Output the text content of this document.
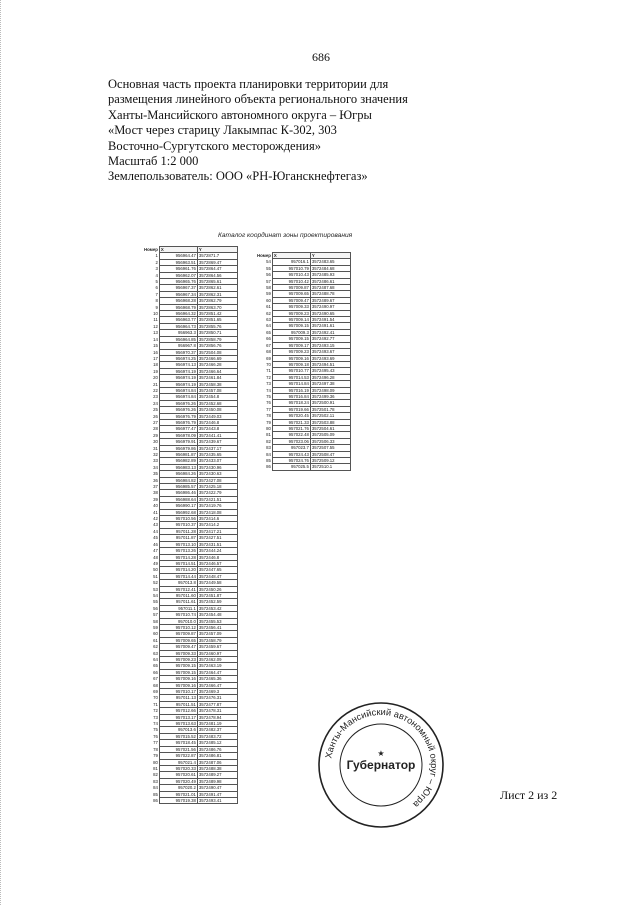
686
Основная часть проекта планировки территории для
размещения линейного объекта регионального значения
Ханты-Мансийского автономного округа – Югры
«Мост через старицу Лакымпас К-302, 303
Восточно-Сургутского месторождения»
Масштаб 1:2 000
Землепользователь: ООО «РН-Юганскнефтегаз»
Каталог координат зоны проектирования
Номер	X	Y
1	956964.47	3572871.7
2	956963.51	3572869.47
3	956961.76	3572864.47
4	956962.07	3572864.56
5	956965.76	3572865.61
6	956967.37	3572862.61
7	956967.34	3572862.31
8	956968.28	3572862.79
9	956968.79	3572863.70
10	956964.32	3572851.42
11	956963.77	3572851.65
12	956964.73	3572855.76
13	956963.3	3572850.71
14	956964.85	3572858.79
15	956967.8	3572856.76
16	956970.37	3572504.08
17	956974.25	3572466.69
18	956974.13	3572466.28
19	956974.19	3572466.64
20	956974.19	3572461.84
21	956974.19	3572458.38
22	956974.84	3572457.08
23	956974.84	3572454.8
24	956976.26	3572452.68
25	956976.26	3572450.08
26	956976.79	3572449.03
27	956976.79	3572446.8
28	956977.47	3572443.8
29	956978.09	3572441.41
30	956979.91	3572439.67
31	956979.86	3572437.17
32	956981.87	3572435.65
33	956982.89	3572433.07
34	956983.13	3572430.96
35	956984.26	3572430.63
36	956984.82	3572427.08
37	956985.57	3572425.18
38	956986.46	3572422.79
39	956988.64	3572421.51
40	956990.17	3572419.76
41	956992.68	3572418.08
42	957010.56	3572414.6
43	957010.37	3572414.2
44	957011.28	3572417.21
45	957011.87	3572427.51
46	957013.10	3572431.51
47	957013.26	3572444.24
48	957014.28	3572446.8
49	957014.51	3572446.57
50	957014.20	3572447.65
51	957014.44	3572448.47
52	957013.8	3572449.58
53	957012.41	3572450.26
54	957011.60	3572451.87
55	957011.61	3572452.59
56	957011.1	3572453.42
57	957010.74	3572454.48
58	957010.0	3572455.53
59	957010.12	3572456.41
60	957009.87	3572457.09
61	957009.65	3572458.79
62	957009.47	3572459.67
63	957009.33	3572460.97
64	957009.23	3572462.09
65	957009.15	3572463.19
66	957009.15	3572464.47
67	957009.16	3572465.36
68	957009.16	3572466.47
69	957010.17	3572469.3
70	957011.13	3572476.31
71	957011.51	3572477.87
72	957012.66	3572478.31
73	957013.17	3572478.94
74	957013.63	3572481.19
75	957013.6	3572482.37
76	957015.52	3572483.72
77	957018.45	3572485.12
78	957021.56	3572486.76
79	957022.87	3572486.81
80	957021.4	3572487.06
81	957020.33	3572488.38
82	957020.61	3572489.27
83	957020.49	3572489.98
84	957020.2	3572490.47
85	957021.01	3572491.47
86	957019.38	3572493.41
Номер	X	Y
54	957016.1	3572483.65
55	957010.79	3572484.68
56	957010.43	3572485.93
57	957010.42	3572486.61
58	957009.87	3572487.68
59	957009.65	3572488.78
60	957009.47	3572489.67
61	957009.33	3572490.97
62	957009.23	3572490.65
63	957009.14	3572491.54
64	957009.15	3572491.61
65	957009.3	3572492.41
66	957009.15	3572492.77
67	957009.17	3572493.15
68	957009.23	3572493.67
69	957009.16	3572493.69
70	957009.18	3572494.51
71	957010.77	3572495.43
72	957014.53	3572496.28
73	957014.84	3572497.38
74	957016.19	3572498.09
75	957016.84	3572499.36
76	957018.24	3572500.91
77	957019.66	3572501.78
78	957020.45	3572502.11
79	957021.33	3572503.88
80	957021.76	3572504.61
81	957022.48	3572505.09
82	957023.06	3572506.33
83	957023.7	3572507.55
84	957024.43	3572508.47
85	957024.76	3572509.12
86	957025.5	3572510.1
Ханты-Мансийский автономный округ – Югра
Губернатор
★
Лист 2 из 2
